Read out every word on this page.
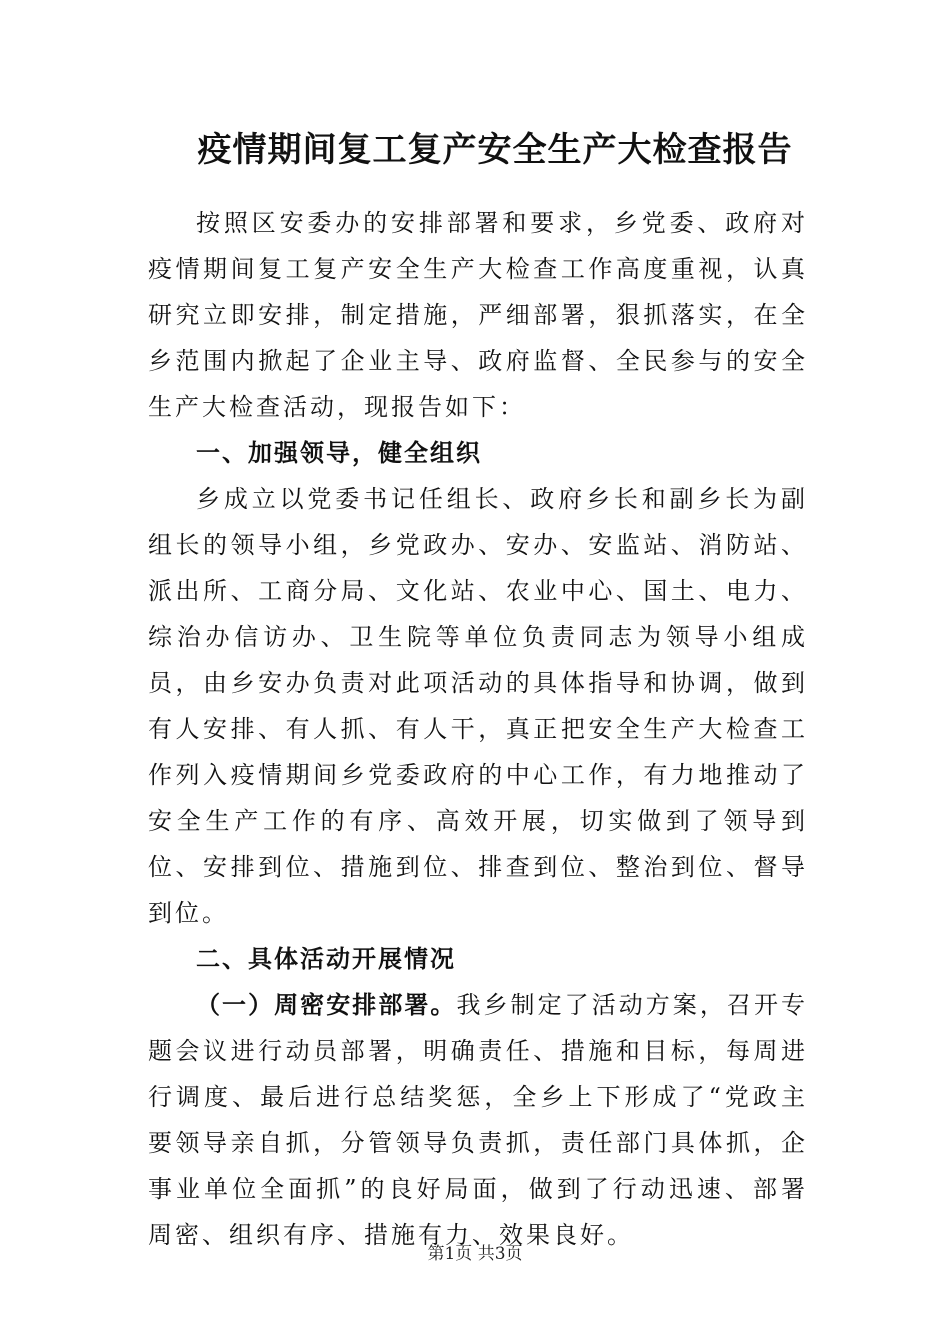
疫情期间复工复产安全生产大检查报告

按照区安委办的安排部署和要求，乡党委、政府对疫情期间复工复产安全生产大检查工作高度重视，认真研究立即安排，制定措施，严细部署，狠抓落实，在全乡范围内掀起了企业主导、政府监督、全民参与的安全生产大检查活动，现报告如下：

一、加强领导，健全组织

乡成立以党委书记任组长、政府乡长和副乡长为副组长的领导小组，乡党政办、安办、安监站、消防站、派出所、工商分局、文化站、农业中心、国土、电力、综治办信访办、卫生院等单位负责同志为领导小组成员，由乡安办负责对此项活动的具体指导和协调，做到有人安排、有人抓、有人干，真正把安全生产大检查工作列入疫情期间乡党委政府的中心工作，有力地推动了安全生产工作的有序、高效开展，切实做到了领导到位、安排到位、措施到位、排查到位、整治到位、督导到位。

二、具体活动开展情况

（一）周密安排部署。我乡制定了活动方案，召开专题会议进行动员部署，明确责任、措施和目标，每周进行调度、最后进行总结奖惩，全乡上下形成了“党政主要领导亲自抓，分管领导负责抓，责任部门具体抓，企事业单位全面抓”的良好局面，做到了行动迅速、部署周密、组织有序、措施有力、效果良好。

第1页 共3页
